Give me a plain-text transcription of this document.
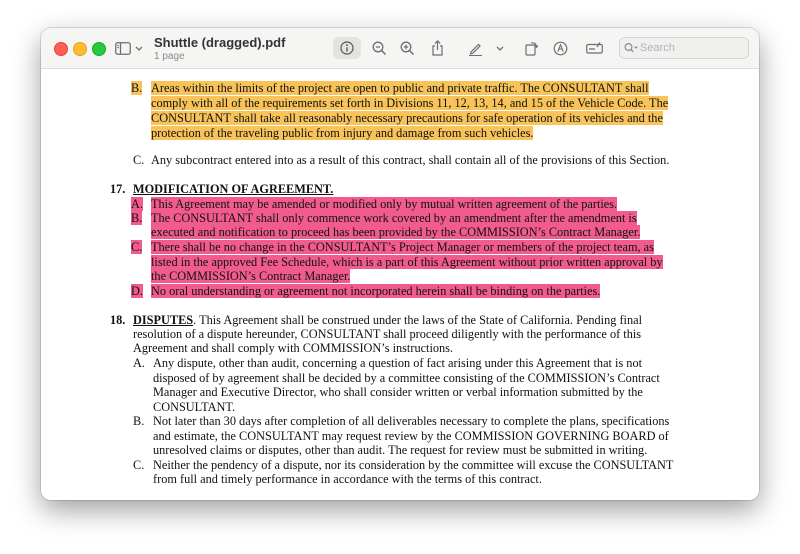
Shuttle (dragged).pdf
1 page
Search
B. Areas within the limits of the project are open to public and private traffic. The CONSULTANT shall
comply with all of the requirements set forth in Divisions 11, 12, 13, 14, and 15 of the Vehicle Code. The
CONSULTANT shall take all reasonably necessary precautions for safe operation of its vehicles and the
protection of the traveling public from injury and damage from such vehicles.
C. Any subcontract entered into as a result of this contract, shall contain all of the provisions of this Section.
17. MODIFICATION OF AGREEMENT.
A. This Agreement may be amended or modified only by mutual written agreement of the parties.
B. The CONSULTANT shall only commence work covered by an amendment after the amendment is
executed and notification to proceed has been provided by the COMMISSION’s Contract Manager.
C. There shall be no change in the CONSULTANT’s Project Manager or members of the project team, as
listed in the approved Fee Schedule, which is a part of this Agreement without prior written approval by
the COMMISSION’s Contract Manager.
D. No oral understanding or agreement not incorporated herein shall be binding on the parties.
18. DISPUTES. This Agreement shall be construed under the laws of the State of California. Pending final
resolution of a dispute hereunder, CONSULTANT shall proceed diligently with the performance of this
Agreement and shall comply with COMMISSION’s instructions.
A. Any dispute, other than audit, concerning a question of fact arising under this Agreement that is not
disposed of by agreement shall be decided by a committee consisting of the COMMISSION’s Contract
Manager and Executive Director, who shall consider written or verbal information submitted by the
CONSULTANT.
B. Not later than 30 days after completion of all deliverables necessary to complete the plans, specifications
and estimate, the CONSULTANT may request review by the COMMISSION GOVERNING BOARD of
unresolved claims or disputes, other than audit. The request for review must be submitted in writing.
C. Neither the pendency of a dispute, nor its consideration by the committee will excuse the CONSULTANT
from full and timely performance in accordance with the terms of this contract.
